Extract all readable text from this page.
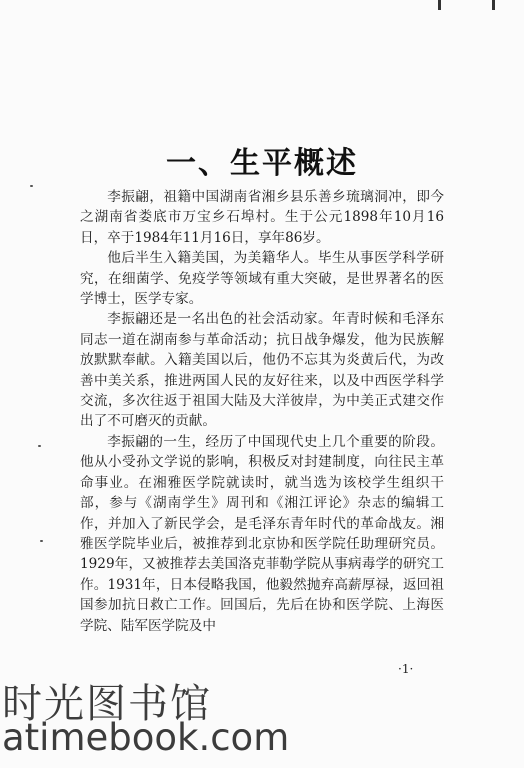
一、生平概述

李振翩，祖籍中国湖南省湘乡县乐善乡琉璃洞冲，即今之湖南省娄底市万宝乡石埠村。生于公元1898年10月16日，卒于1984年11月16日，享年86岁。

他后半生入籍美国，为美籍华人。毕生从事医学科学研究，在细菌学、免疫学等领域有重大突破，是世界著名的医学博士，医学专家。

李振翩还是一名出色的社会活动家。年青时候和毛泽东同志一道在湖南参与革命活动；抗日战争爆发，他为民族解放默默奉献。入籍美国以后，他仍不忘其为炎黄后代，为改善中美关系，推进两国人民的友好往来，以及中西医学科学交流，多次往返于祖国大陆及大洋彼岸，为中美正式建交作出了不可磨灭的贡献。

李振翩的一生，经历了中国现代史上几个重要的阶段。他从小受孙文学说的影响，积极反对封建制度，向往民主革命事业。在湘雅医学院就读时，就当选为该校学生组织干部，参与《湖南学生》周刊和《湘江评论》杂志的编辑工作，并加入了新民学会，是毛泽东青年时代的革命战友。湘雅医学院毕业后，被推荐到北京协和医学院任助理研究员。1929年，又被推荐去美国洛克菲勒学院从事病毒学的研究工作。1931年，日本侵略我国，他毅然抛弃高薪厚禄，返回祖国参加抗日救亡工作。回国后，先后在协和医学院、上海医学院、陆军医学院及中

·1·
时光图书馆
atimebook.com
